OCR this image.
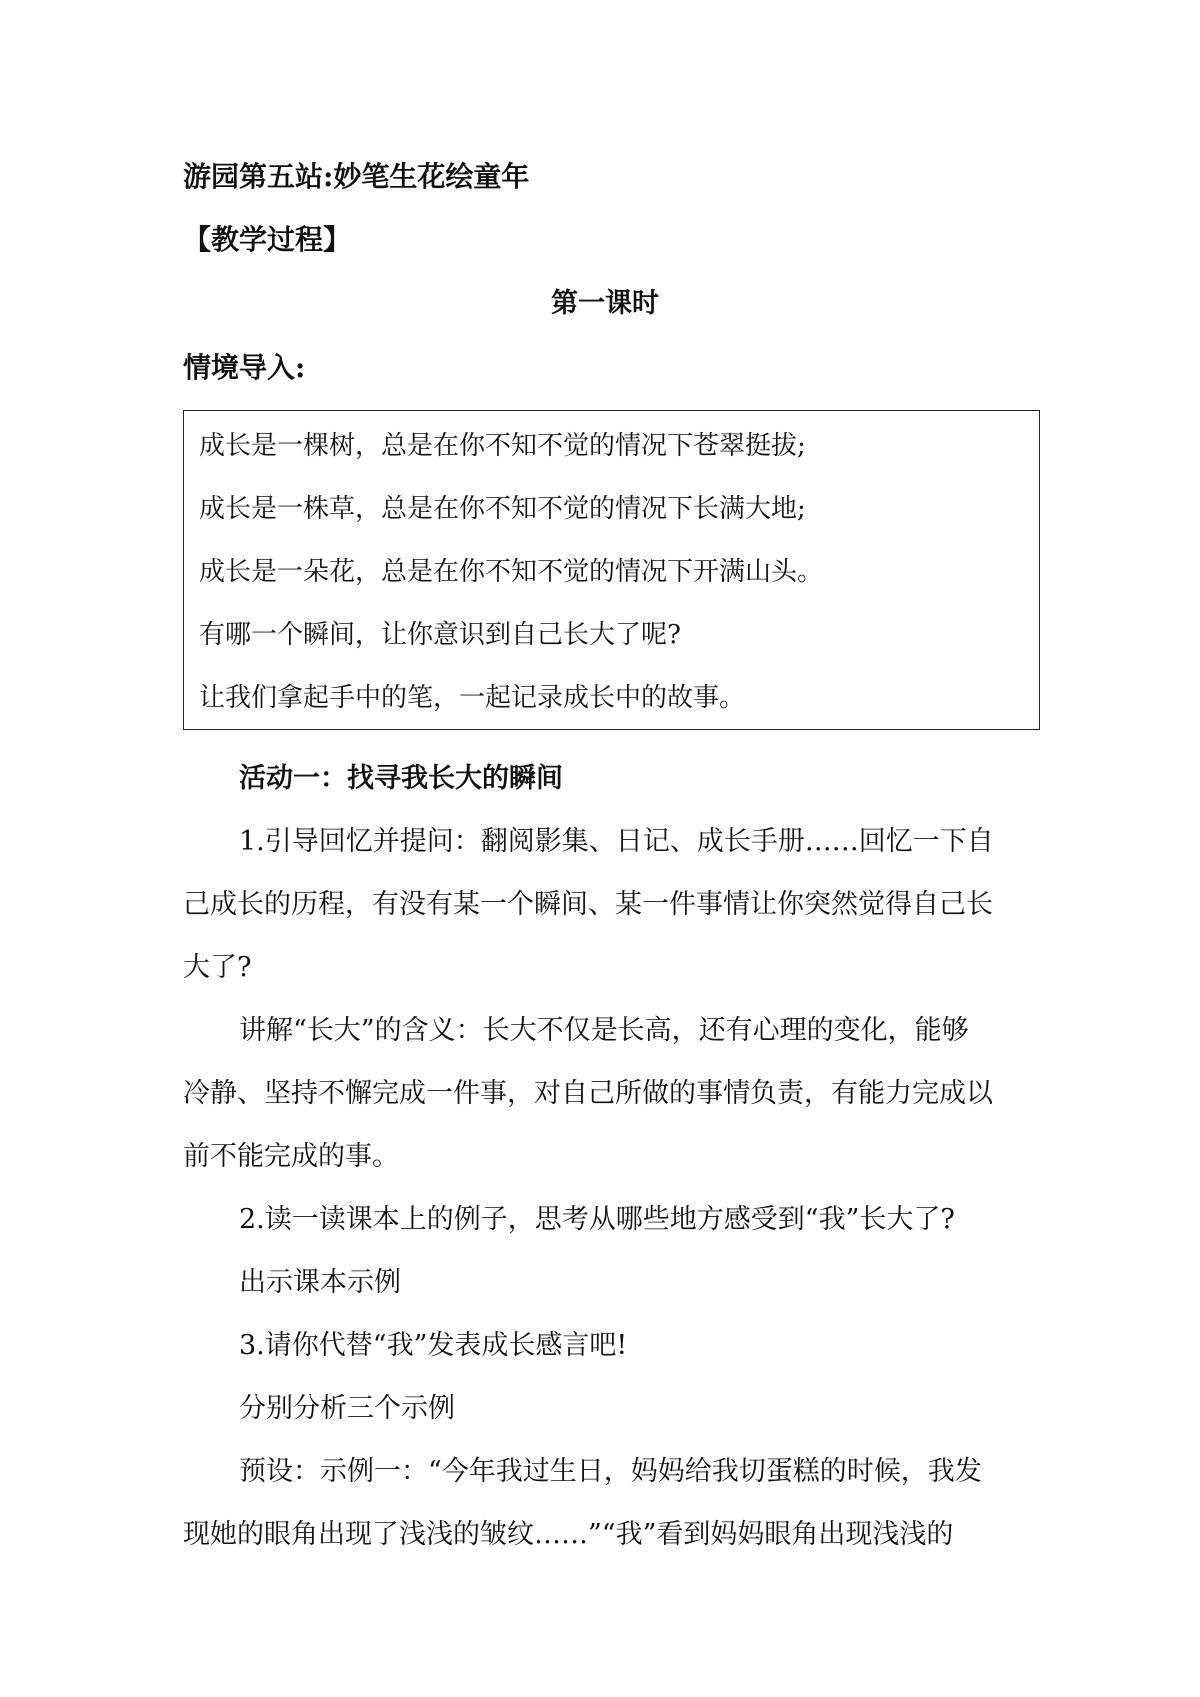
游园第五站:妙笔生花绘童年
【教学过程】
第一课时
情境导入:
成长是一棵树，总是在你不知不觉的情况下苍翠挺拔;
成长是一株草，总是在你不知不觉的情况下长满大地;
成长是一朵花，总是在你不知不觉的情况下开满山头。
有哪一个瞬间，让你意识到自己长大了呢?
让我们拿起手中的笔，一起记录成长中的故事。
活动一：找寻我长大的瞬间
1.引导回忆并提问：翻阅影集、日记、成长手册……回忆一下自
己成长的历程，有没有某一个瞬间、某一件事情让你突然觉得自己长
大了?
讲解“长大”的含义：长大不仅是长高，还有心理的变化，能够
冷静、坚持不懈完成一件事，对自己所做的事情负责，有能力完成以
前不能完成的事。
2.读一读课本上的例子，思考从哪些地方感受到“我”长大了?
出示课本示例
3.请你代替“我”发表成长感言吧!
分别分析三个示例
预设：示例一：“今年我过生日，妈妈给我切蛋糕的时候，我发
现她的眼角出现了浅浅的皱纹……”“我”看到妈妈眼角出现浅浅的
